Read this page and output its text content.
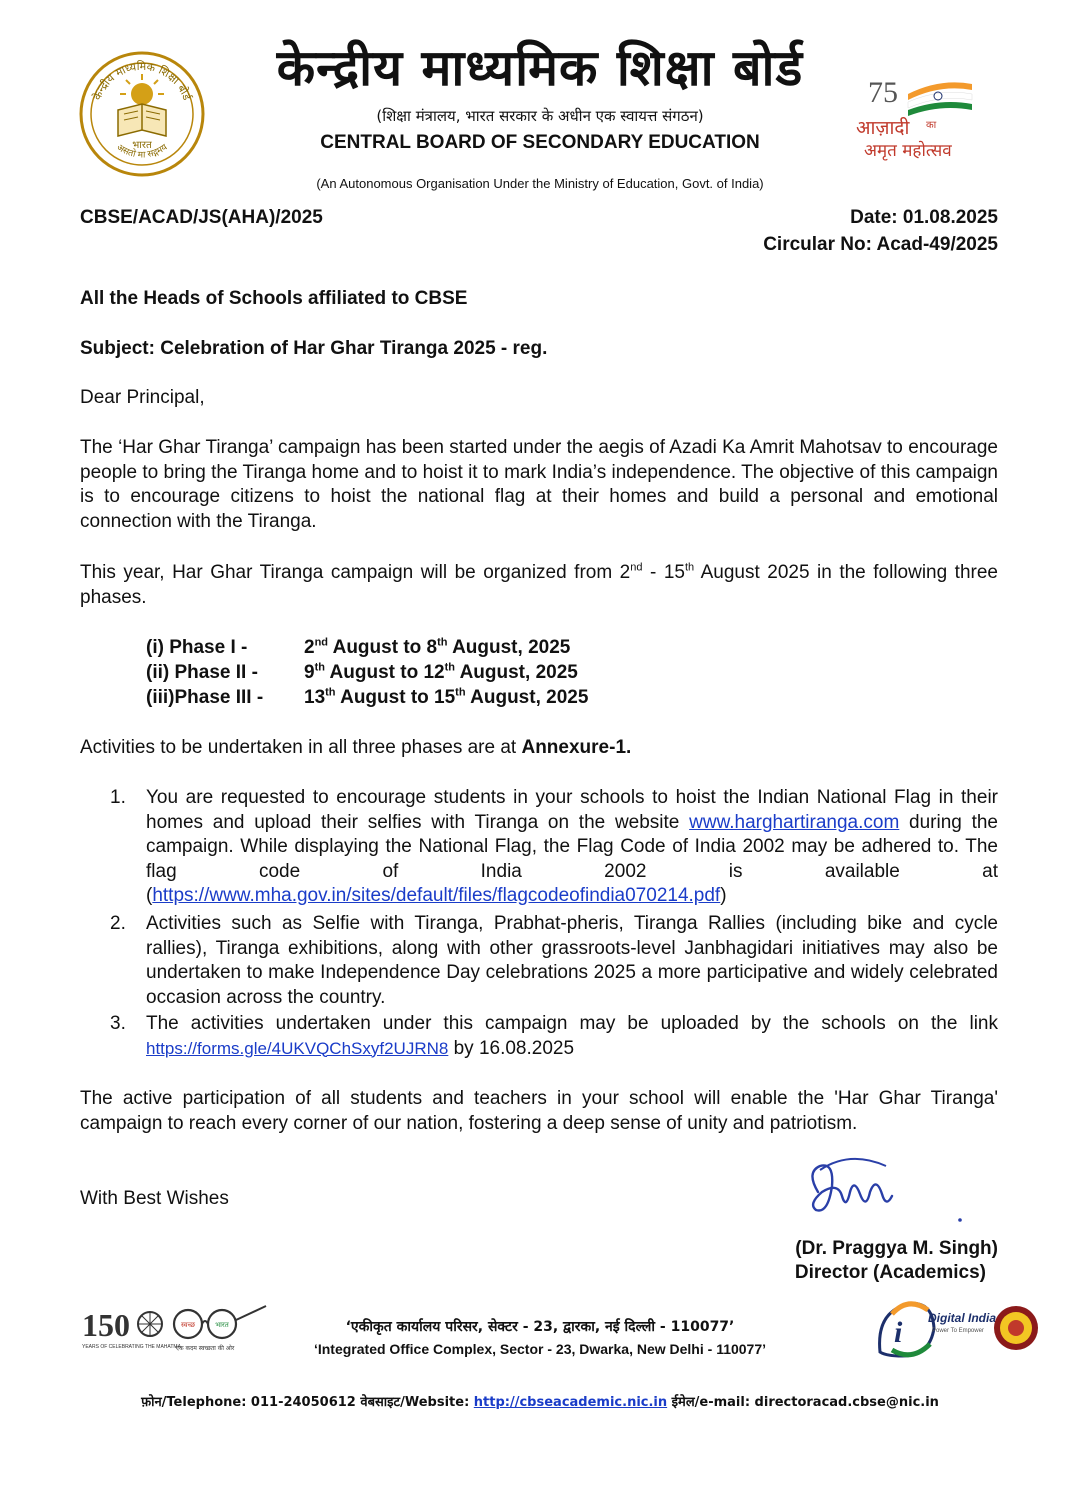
केन्द्रीय माध्यमिक शिक्षा बोर्ड
भारत
असतो मा सद्गमय
केन्द्रीय माध्यमिक शिक्षा बोर्ड
(शिक्षा मंत्रालय, भारत सरकार के अधीन एक स्वायत्त संगठन)
CENTRAL BOARD OF SECONDARY EDUCATION
(An Autonomous Organisation Under the Ministry of Education, Govt. of India)
75
आज़ादी का
अमृत महोत्सव
CBSE/ACAD/JS(AHA)/2025	Date: 01.08.2025
Circular No: Acad-49/2025
All the Heads of Schools affiliated to CBSE
Subject: Celebration of Har Ghar Tiranga 2025 - reg.
Dear Principal,
The ‘Har Ghar Tiranga’ campaign has been started under the aegis of Azadi Ka Amrit Mahotsav to encourage people to bring the Tiranga home and to hoist it to mark India’s independence. The objective of this campaign is to encourage citizens to hoist the national flag at their homes and build a personal and emotional connection with the Tiranga.
This year, Har Ghar Tiranga campaign will be organized from 2nd - 15th August 2025 in the following three phases.
(i) Phase I -	2nd August to 8th August, 2025
(ii) Phase II - 9th August to 12th August, 2025
(iii)Phase III - 13th August to 15th August, 2025
Activities to be undertaken in all three phases are at Annexure-1.
1. You are requested to encourage students in your schools to hoist the Indian National Flag in their homes and upload their selfies with Tiranga on the website www.harghartiranga.com during the campaign. While displaying the National Flag, the Flag Code of India 2002 may be adhered to. The flag code of India 2002 is available at (https://www.mha.gov.in/sites/default/files/flagcodeofindia070214.pdf)
2. Activities such as Selfie with Tiranga, Prabhat-pheris, Tiranga Rallies (including bike and cycle rallies), Tiranga exhibitions, along with other grassroots-level Janbhagidari initiatives may also be undertaken to make Independence Day celebrations 2025 a more participative and widely celebrated occasion across the country.
3. The activities undertaken under this campaign may be uploaded by the schools on the link https://forms.gle/4UKVQChSxyf2UJRN8 by 16.08.2025
The active participation of all students and teachers in your school will enable the 'Har Ghar Tiranga' campaign to reach every corner of our nation, fostering a deep sense of unity and patriotism.
With Best Wishes
(Dr. Praggya M. Singh)
Director (Academics)
150
YEARS OF CELEBRATING THE MAHATMA
स्वच्छ	भारत
एक कदम स्वच्छता की ओर
‘एकीकृत कार्यालय परिसर, सेक्टर - 23, द्वारका, नई दिल्ली - 110077’
‘Integrated Office Complex, Sector - 23, Dwarka, New Delhi - 110077’	i Digital India
Power To Empower
फ़ोन/Telephone: 011-24050612 वेबसाइट/Website: http://cbseacademic.nic.in ईमेल/e-mail: directoracad.cbse@nic.in
